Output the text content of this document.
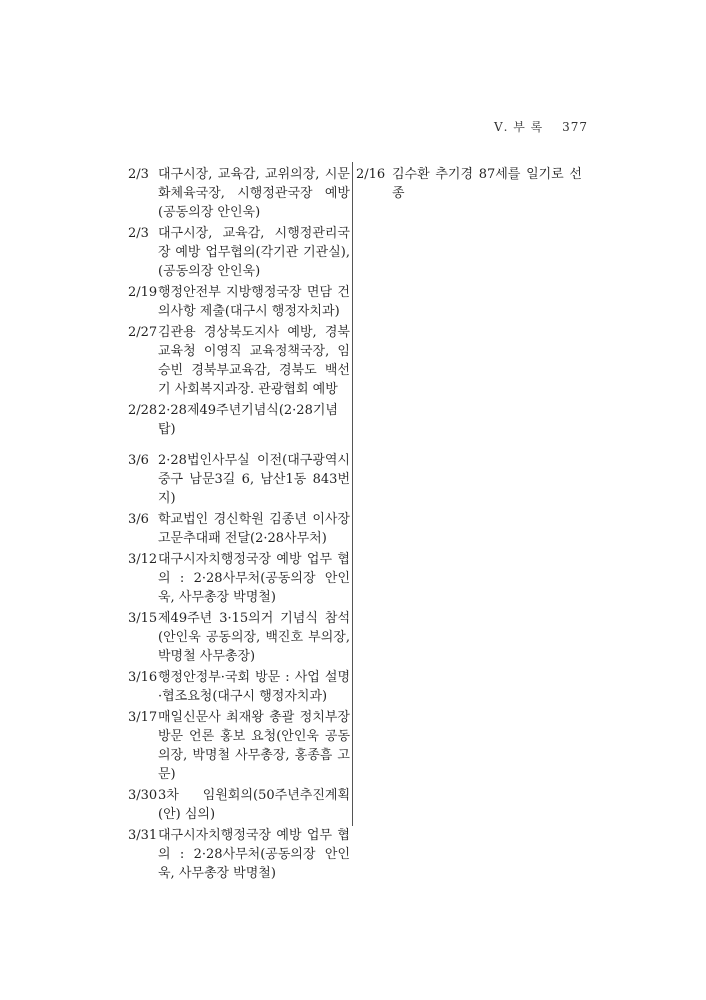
Ⅴ. 부 록 377
2/3 대구시장, 교육감, 교위의장, 시문화체육국장, 시행정관국장 예방(공동의장 안인욱)
2/3 대구시장, 교육감, 시행정관리국장 예방 업무협의(각기관 기관실), (공동의장 안인욱)
2/19 행정안전부 지방행정국장 면담 건의사항 제출(대구시 행정자치과)
2/27 김관용 경상북도지사 예방, 경북교육청 이영직 교육정책국장, 임승빈 경북부교육감, 경북도 백선기 사회복지과장. 관광협회 예방
2/28 2·28제49주년기념식(2·28기념탑)
3/6 2·28법인사무실 이전(대구광역시 중구 남문3길 6, 남산1동 843번지)
3/6 학교법인 경신학원 김종년 이사장 고문추대패 전달(2·28사무처)
3/12 대구시자치행정국장 예방 업무 협의 : 2·28사무처(공동의장 안인욱, 사무총장 박명철)
3/15 제49주년 3·15의거 기념식 참석(안인욱 공동의장, 백진호 부의장, 박명철 사무총장)
3/16 행정안정부·국회 방문 : 사업 설명·협조요청(대구시 행정자치과)
3/17 매일신문사 최재왕 총괄 정치부장 방문 언론 홍보 요청(안인욱 공동의장, 박명철 사무총장, 홍종흠 고문)
3/30 3차 임원회의(50주년추진계획(안) 심의)
3/31 대구시자치행정국장 예방 업무 협의 : 2·28사무처(공동의장 안인욱, 사무총장 박명철)
2/16 김수환 추기경 87세를 일기로 선종
